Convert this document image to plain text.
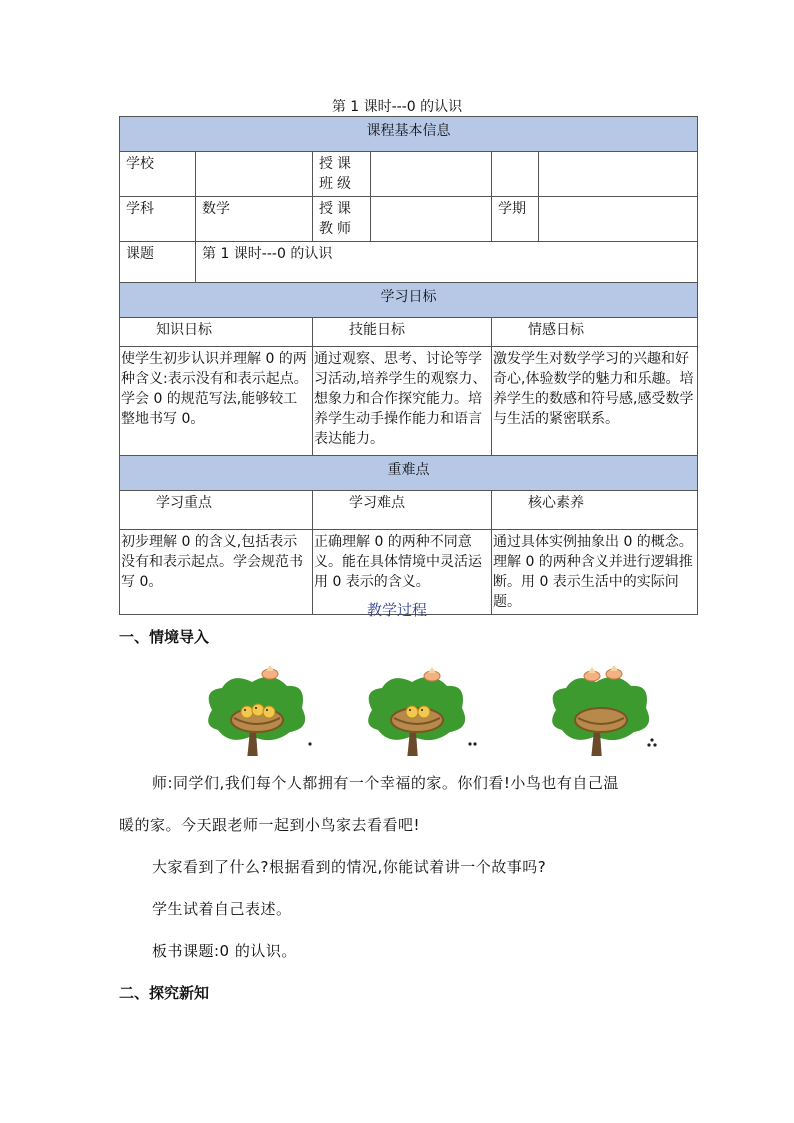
第 1 课时---0 的认识
课程基本信息					
学校		授课班级			
学科	数学	授课教师		学期	
课题	第 1 课时---0 的认识				
学习日标					
知识日标		技能日标		情感日标	
使学生初步认识并理解 0 的两种含义:表示没有和表示起点。学会 0 的规范写法,能够较工整地书写 0。		通过观察、思考、讨论等学习活动,培养学生的观察力、想象力和合作探究能力。培养学生动手操作能力和语言表达能力。		激发学生对数学学习的兴趣和好奇心,体验数学的魅力和乐趣。培养学生的数感和符号感,感受数学与生活的紧密联系。	
重难点					
学习重点		学习难点		核心素养	
初步理解 0 的含义,包括表示没有和表示起点。学会规范书写 0。		正确理解 0 的两种不同意义。能在具体情境中灵活运用 0 表示的含义。		通过具体实例抽象出 0 的概念。理解 0 的两种含义并进行逻辑推断。用 0 表示生活中的实际问题。	
教学过程
一、情境导入
师:同学们,我们每个人都拥有一个幸福的家。你们看!小鸟也有自己温
暖的家。今天跟老师一起到小鸟家去看看吧!
大家看到了什么?根据看到的情况,你能试着讲一个故事吗?
学生试着自己表述。
板书课题:0 的认识。
二、探究新知
